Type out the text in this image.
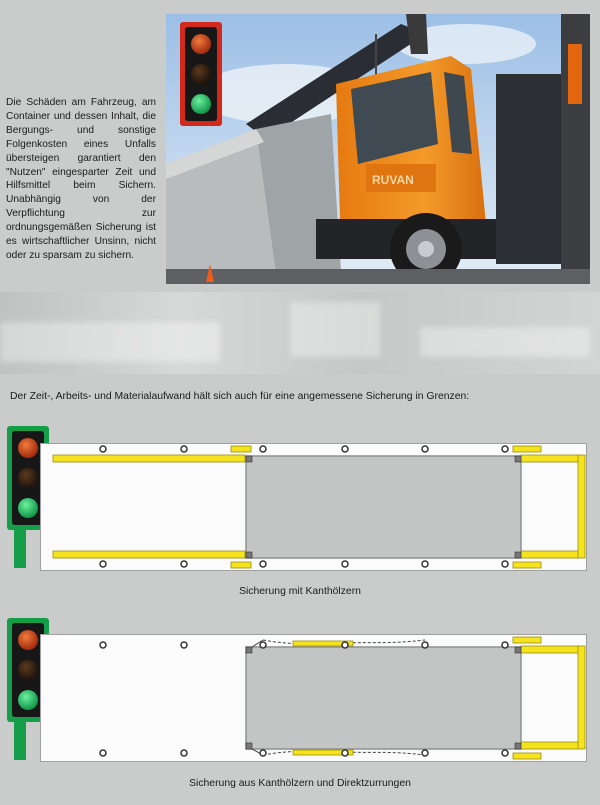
Die Schäden am Fahrzeug, am Container und dessen Inhalt, die Bergungs- und sonstige Folgenkosten eines Unfalls übersteigen garantiert den "Nutzen" eingesparter Zeit und Hilfsmittel beim Sichern. Unabhängig von der Verpflichtung zur ordnungsgemäßen Sicherung ist es wirtschaftlicher Unsinn, nicht oder zu sparsam zu sichern.
RUVAN
Der Zeit-, Arbeits- und Materialaufwand hält sich auch für eine angemessene Sicherung in Grenzen:
Sicherung mit Kanthölzern
Sicherung aus Kanthölzern und Direktzurrungen
